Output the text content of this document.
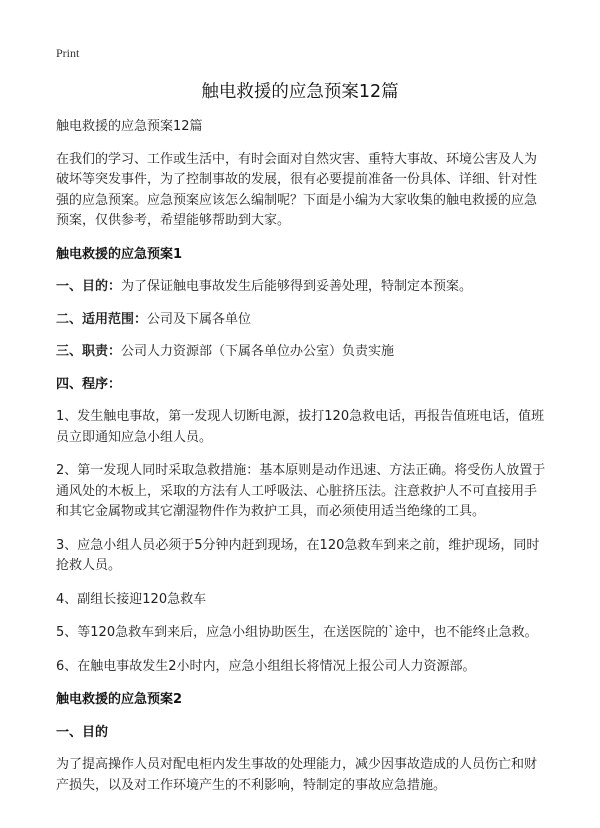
Print
触电救援的应急预案12篇

触电救援的应急预案12篇

在我们的学习、工作或生活中，有时会面对自然灾害、重特大事故、环境公害及人为破坏等突发事件，为了控制事故的发展，很有必要提前准备一份具体、详细、针对性强的应急预案。应急预案应该怎么编制呢？下面是小编为大家收集的触电救援的应急预案，仅供参考，希望能够帮助到大家。

触电救援的应急预案1

一、目的：为了保证触电事故发生后能够得到妥善处理，特制定本预案。

二、适用范围：公司及下属各单位

三、职责：公司人力资源部（下属各单位办公室）负责实施

四、程序：

1、发生触电事故，第一发现人切断电源，拔打120急救电话，再报告值班电话，值班员立即通知应急小组人员。

2、第一发现人同时采取急救措施：基本原则是动作迅速、方法正确。将受伤人放置于通风处的木板上，采取的方法有人工呼吸法、心脏挤压法。注意救护人不可直接用手和其它金属物或其它潮湿物件作为救护工具，而必须使用适当绝缘的工具。

3、应急小组人员必须于5分钟内赶到现场，在120急救车到来之前，维护现场，同时抢救人员。

4、副组长接迎120急救车

5、等120急救车到来后，应急小组协助医生，在送医院的`途中，也不能终止急救。

6、在触电事故发生2小时内，应急小组组长将情况上报公司人力资源部。

触电救援的应急预案2

一、目的

为了提高操作人员对配电柜内发生事故的处理能力，减少因事故造成的人员伤亡和财产损失，以及对工作环境产生的不利影响，特制定的事故应急措施。
